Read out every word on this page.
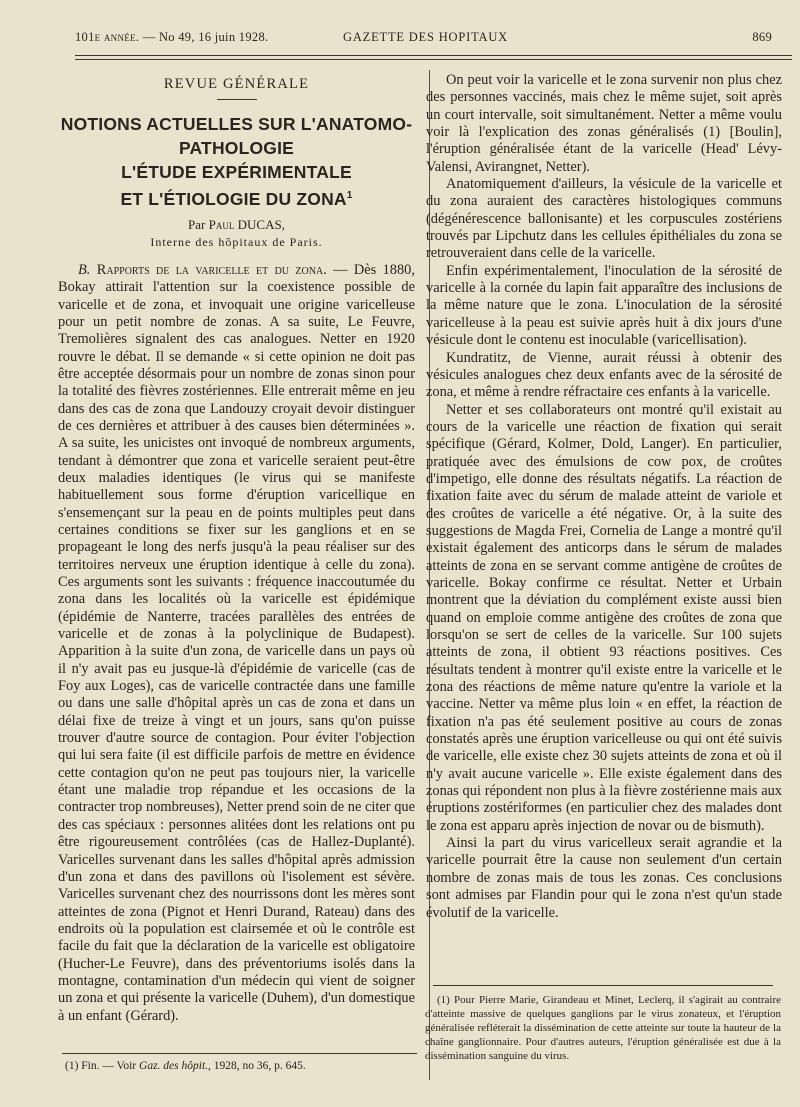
101e année. — No 49, 16 juin 1928.	GAZETTE DES HOPITAUX	869
REVUE GÉNÉRALE
NOTIONS ACTUELLES SUR L'ANATOMO-PATHOLOGIE
L'ÉTUDE EXPÉRIMENTALE
ET L'ÉTIOLOGIE DU ZONA$^1$
Par Paul DUCAS,
Interne des hôpitaux de Paris.

B. Rapports de la varicelle et du zona. — Dès 1880, Bokay attirait l'attention sur la coexistence possible de varicelle et de zona, et invoquait une origine varicelleuse pour un petit nombre de zonas. A sa suite, Le Feuvre, Tremolières signalent des cas analogues. Netter en 1920 rouvre le débat. Il se demande « si cette opinion ne doit pas être acceptée désormais pour un nombre de zonas sinon pour la totalité des fièvres zostériennes. Elle entrerait même en jeu dans des cas de zona que Landouzy croyait devoir distinguer de ces dernières et attribuer à des causes bien déterminées ». A sa suite, les unicistes ont invoqué de nombreux arguments, tendant à démontrer que zona et varicelle seraient peut-être deux maladies identiques (le virus qui se manifeste habituellement sous forme d'éruption varicellique en s'ensemençant sur la peau en de points multiples peut dans certaines conditions se fixer sur les ganglions et en se propageant le long des nerfs jusqu'à la peau réaliser sur des territoires nerveux une éruption identique à celle du zona). Ces arguments sont les suivants : fréquence inaccoutumée du zona dans les localités où la varicelle est épidémique (épidémie de Nanterre, tracées parallèles des entrées de varicelle et de zonas à la polyclinique de Budapest). Apparition à la suite d'un zona, de varicelle dans un pays où il n'y avait pas eu jusque-là d'épidémie de varicelle (cas de Foy aux Loges), cas de varicelle contractée dans une famille ou dans une salle d'hôpital après un cas de zona et dans un délai fixe de treize à vingt et un jours, sans qu'on puisse trouver d'autre source de contagion. Pour éviter l'objection qui lui sera faite (il est difficile parfois de mettre en évidence cette contagion qu'on ne peut pas toujours nier, la varicelle étant une maladie trop répandue et les occasions de la contracter trop nombreuses), Netter prend soin de ne citer que des cas spéciaux : personnes alitées dont les relations ont pu être rigoureusement contrôlées (cas de Hallez-Duplanté). Varicelles survenant dans les salles d'hôpital après admission d'un zona et dans des pavillons où l'isolement est sévère. Varicelles survenant chez des nourrissons dont les mères sont atteintes de zona (Pignot et Henri Durand, Rateau) dans des endroits où la population est clairsemée et où le contrôle est facile du fait que la déclaration de la varicelle est obligatoire (Hucher-Le Feuvre), dans des préventoriums isolés dans la montagne, contamination d'un médecin qui vient de soigner un zona et qui présente la varicelle (Duhem), d'un domestique à un enfant (Gérard).

(1) Fin. — Voir Gaz. des hôpit., 1928, no 36, p. 645.

On peut voir la varicelle et le zona survenir non plus chez des personnes vaccinés, mais chez le même sujet, soit après un court intervalle, soit simultanément. Netter a même voulu voir là l'explication des zonas généralisés (1) [Boulin], l'éruption généralisée étant de la varicelle (Head' Lévy-Valensi, Avirangnet, Netter).

Anatomiquement d'ailleurs, la vésicule de la varicelle et du zona auraient des caractères histologiques communs (dégénérescence ballonisante) et les corpuscules zostériens trouvés par Lipchutz dans les cellules épithéliales du zona se retrouveraient dans celle de la varicelle.

Enfin expérimentalement, l'inoculation de la sérosité de varicelle à la cornée du lapin fait apparaître des inclusions de la même nature que le zona. L'inoculation de la sérosité varicelleuse à la peau est suivie après huit à dix jours d'une vésicule dont le contenu est inoculable (varicellisation).

Kundratitz, de Vienne, aurait réussi à obtenir des vésicules analogues chez deux enfants avec de la sérosité de zona, et même à rendre réfractaire ces enfants à la varicelle.

Netter et ses collaborateurs ont montré qu'il existait au cours de la varicelle une réaction de fixation qui serait spécifique (Gérard, Kolmer, Dold, Langer). En particulier, pratiquée avec des émulsions de cow pox, de croûtes d'impetigo, elle donne des résultats négatifs. La réaction de fixation faite avec du sérum de malade atteint de variole et des croûtes de varicelle a été négative. Or, à la suite des suggestions de Magda Frei, Cornelia de Lange a montré qu'il existait également des anticorps dans le sérum de malades atteints de zona en se servant comme antigène de croûtes de varicelle. Bokay confirme ce résultat. Netter et Urbain montrent que la déviation du complément existe aussi bien quand on emploie comme antigène des croûtes de zona que lorsqu'on se sert de celles de la varicelle. Sur 100 sujets atteints de zona, il obtient 93 réactions positives. Ces résultats tendent à montrer qu'il existe entre la varicelle et le zona des réactions de même nature qu'entre la variole et la vaccine. Netter va même plus loin « en effet, la réaction de fixation n'a pas été seulement positive au cours de zonas constatés après une éruption varicelleuse ou qui ont été suivis de varicelle, elle existe chez 30 sujets atteints de zona et où il n'y avait aucune varicelle ». Elle existe également dans des zonas qui répondent non plus à la fièvre zostérienne mais aux éruptions zostériformes (en particulier chez des malades dont le zona est apparu après injection de novar ou de bismuth).

Ainsi la part du virus varicelleux serait agrandie et la varicelle pourrait être la cause non seulement d'un certain nombre de zonas mais de tous les zonas. Ces conclusions sont admises par Flandin pour qui le zona n'est qu'un stade évolutif de la varicelle.

(1) Pour Pierre Marie, Girandeau et Minet, Leclerq, il s'agirait au contraire d'atteinte massive de quelques ganglions par le virus zonateux, et l'éruption généralisée refléterait la dissémination de cette atteinte sur toute la hauteur de la chaîne ganglionnaire. Pour d'autres auteurs, l'éruption généralisée est due à la dissémination sanguine du virus.
